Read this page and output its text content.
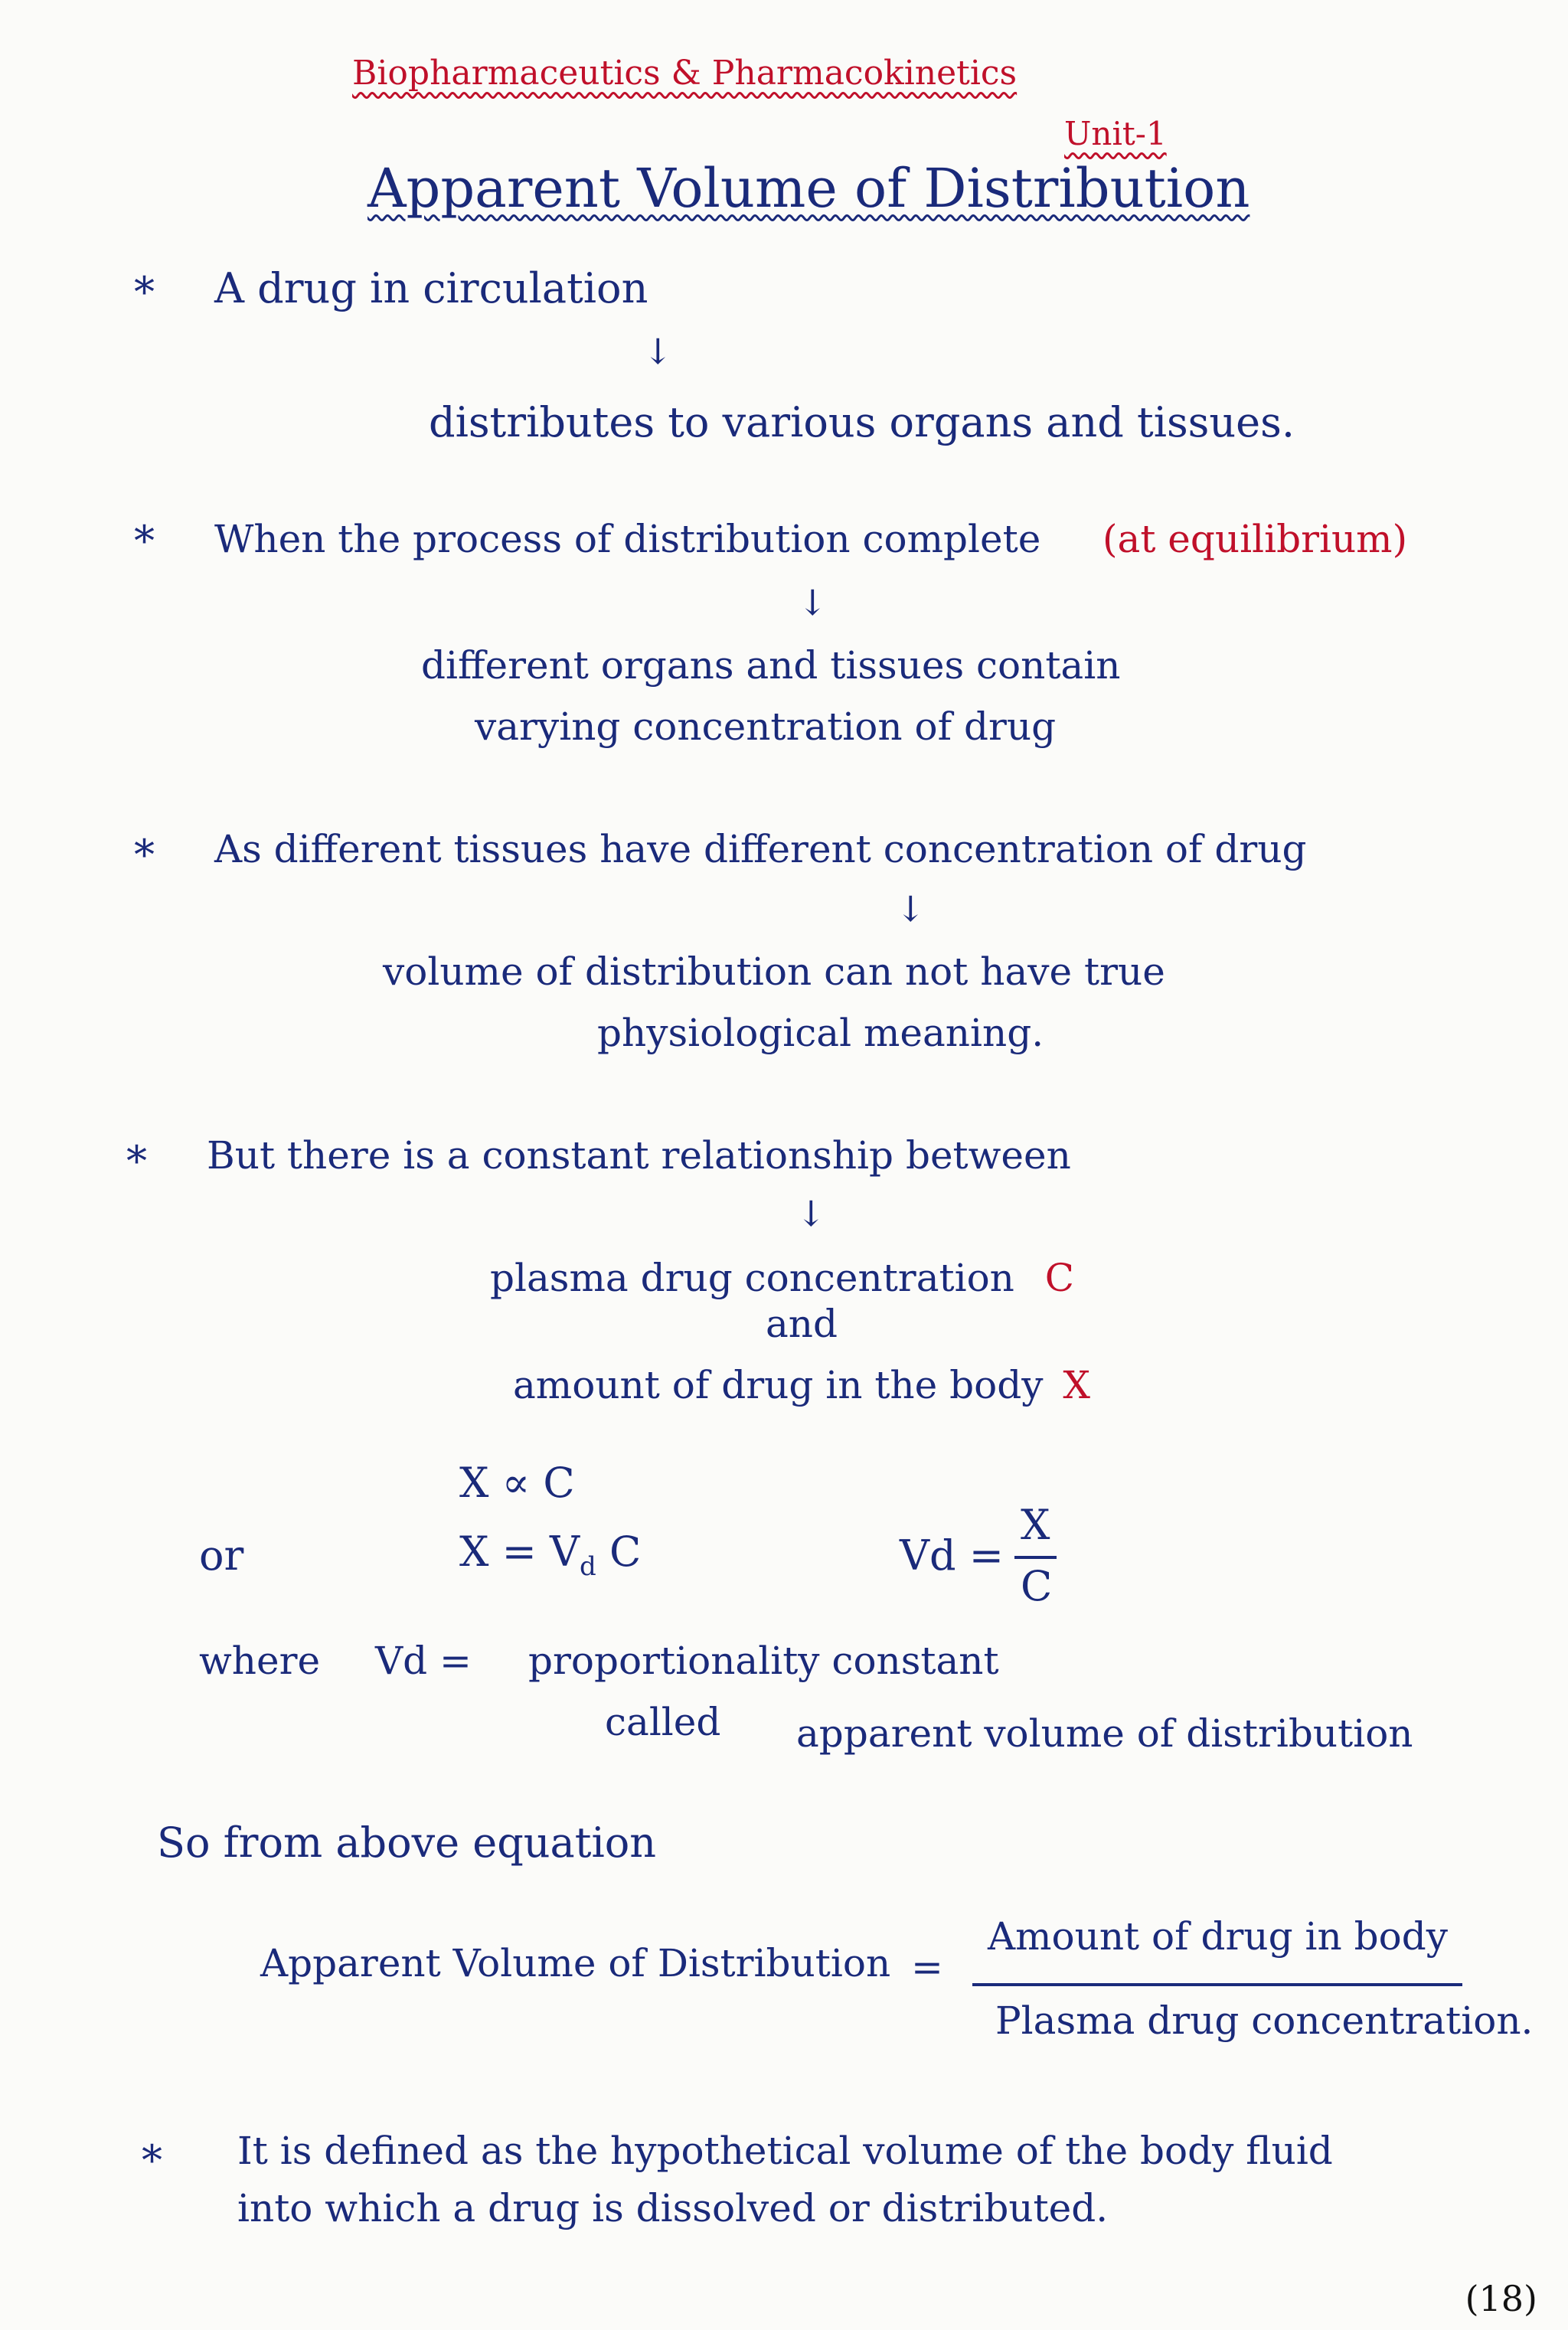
Biopharmaceutics & Pharmacokinetics
Unit-1
Apparent Volume of Distribution
* A drug in circulation
↓
distributes to various organs and tissues.
* When the process of distribution complete (at equilibrium)
↓
different organs and tissues contain
varying concentration of drug
* As different tissues have different concentration of drug
↓
volume of distribution can not have true
physiological meaning.
* But there is a constant relationship between
↓
plasma drug concentration C
and
amount of drug in the body X
X ∝ C
or	$X = V_d$ C	Vd =
X
C
where Vd = proportionality constant
called apparent volume of distribution
So from above equation
Apparent Volume of Distribution =
Amount of drug in body
Plasma drug concentration.
* It is defined as the hypothetical volume of the body fluid
into which a drug is dissolved or distributed.
(18)
